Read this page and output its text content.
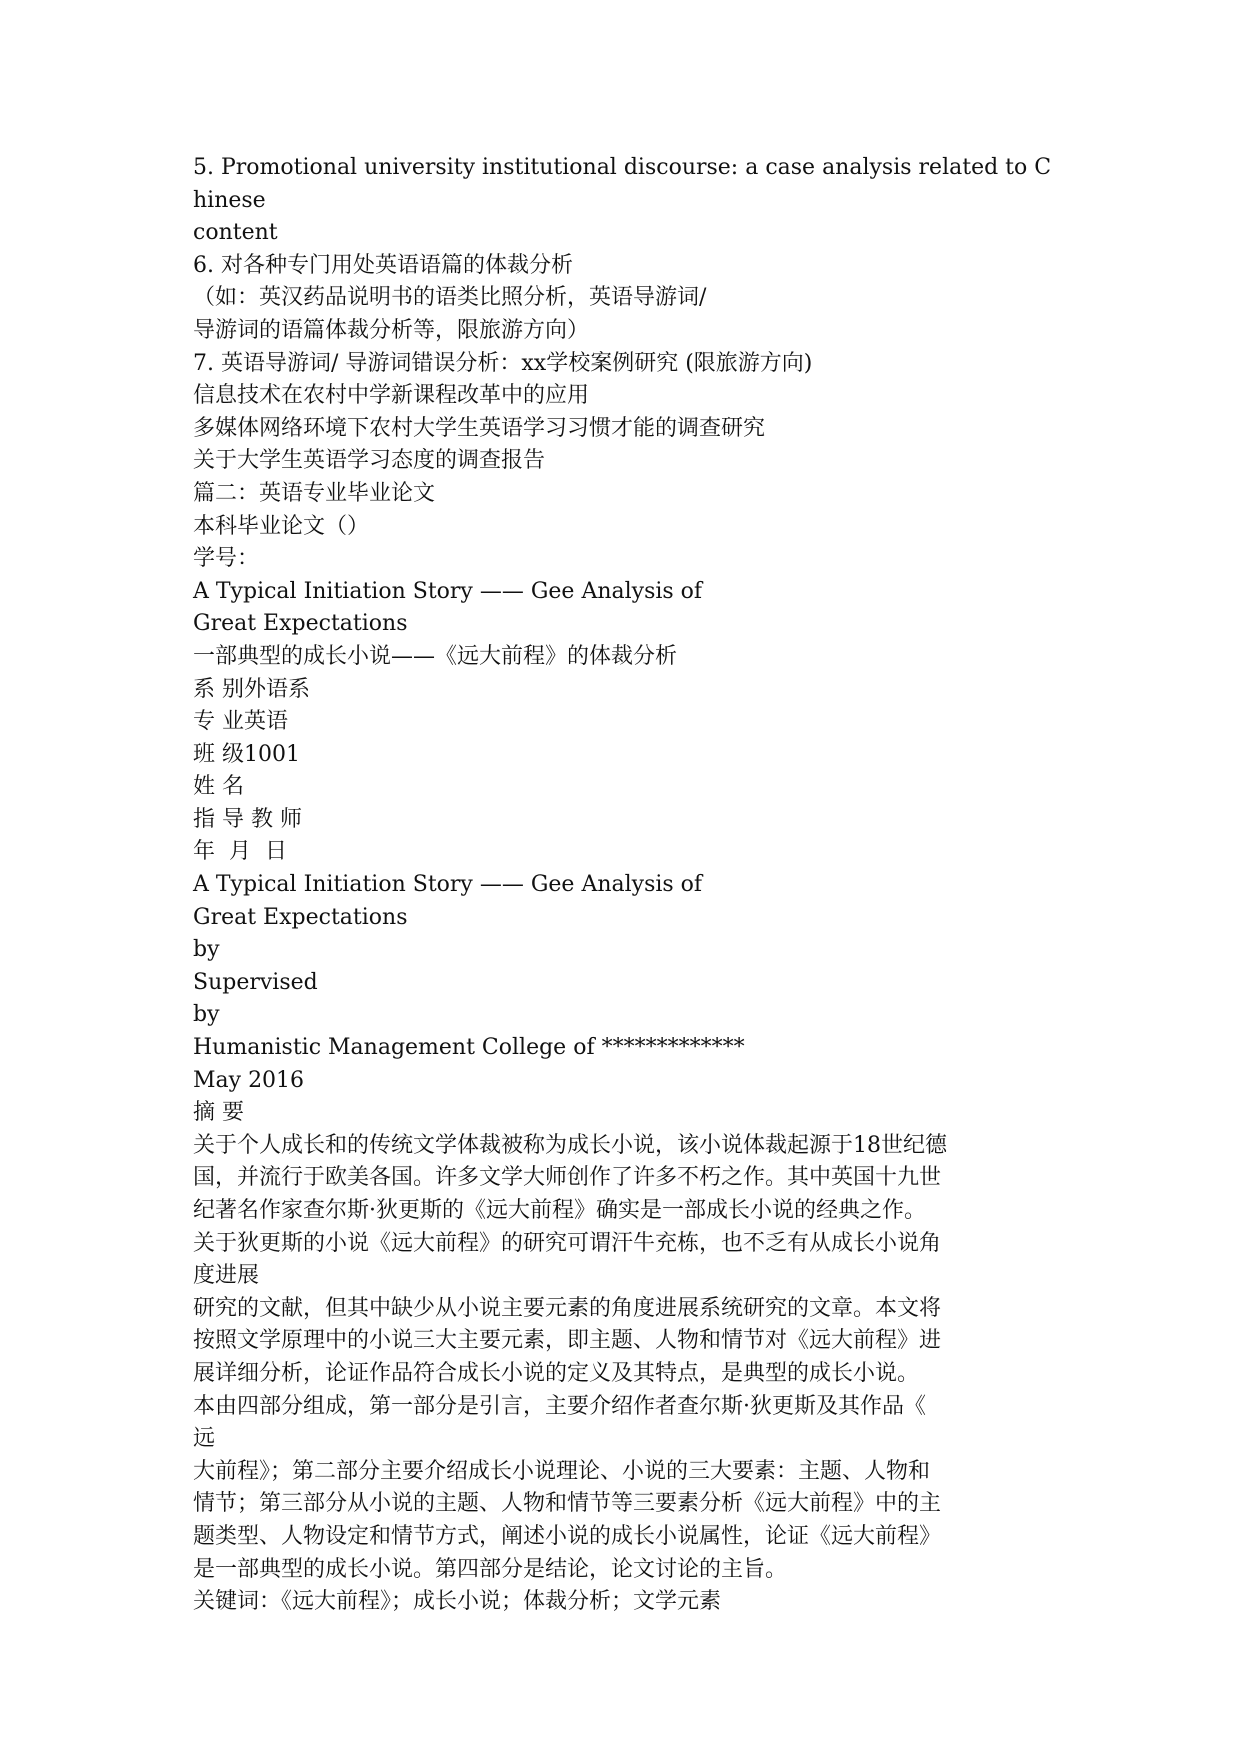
5. Promotional university institutional discourse: a case analysis related to Chinese
content
6. 对各种专门用处英语语篇的体裁分析
（如：英汉药品说明书的语类比照分析，英语导游词/
导游词的语篇体裁分析等，限旅游方向）
7. 英语导游词/ 导游词错误分析：xx学校案例研究 (限旅游方向)
信息技术在农村中学新课程改革中的应用
多媒体网络环境下农村大学生英语学习习惯才能的调查研究
关于大学生英语学习态度的调查报告
篇二：英语专业毕业论文
本科毕业论文（）
学号：
A Typical Initiation Story —— Gee Analysis of
Great Expectations
一部典型的成长小说——《远大前程》的体裁分析
系 别外语系
专 业英语
班 级1001
姓 名
指 导 教 师
年  月  日
A Typical Initiation Story —— Gee Analysis of
Great Expectations
by
Supervised
by
Humanistic Management College of *************
May 2016
摘 要
关于个人成长和的传统文学体裁被称为成长小说，该小说体裁起源于18世纪德
国，并流行于欧美各国。许多文学大师创作了许多不朽之作。其中英国十九世
纪著名作家查尔斯·狄更斯的《远大前程》确实是一部成长小说的经典之作。
关于狄更斯的小说《远大前程》的研究可谓汗牛充栋，也不乏有从成长小说角
度进展
研究的文献，但其中缺少从小说主要元素的角度进展系统研究的文章。本文将
按照文学原理中的小说三大主要元素，即主题、人物和情节对《远大前程》进
展详细分析，论证作品符合成长小说的定义及其特点，是典型的成长小说。
本由四部分组成，第一部分是引言，主要介绍作者查尔斯·狄更斯及其作品《
远
大前程》；第二部分主要介绍成长小说理论、小说的三大要素：主题、人物和
情节；第三部分从小说的主题、人物和情节等三要素分析《远大前程》中的主
题类型、人物设定和情节方式，阐述小说的成长小说属性，论证《远大前程》
是一部典型的成长小说。第四部分是结论，论文讨论的主旨。
关键词：《远大前程》；成长小说；体裁分析；文学元素
